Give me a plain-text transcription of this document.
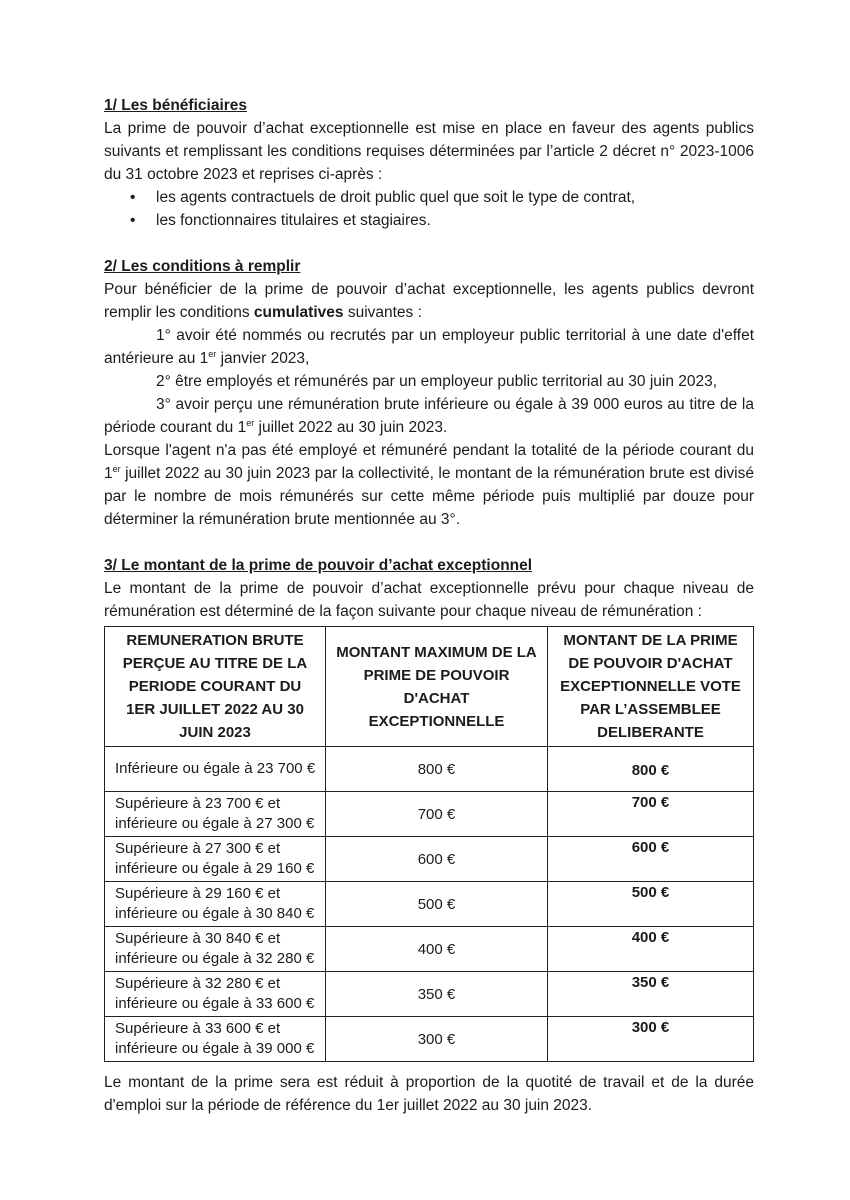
1/ Les bénéficiaires

La prime de pouvoir d’achat exceptionnelle est mise en place en faveur des agents publics suivants et remplissant les conditions requises déterminées par l’article 2 décret n° 2023-1006 du 31 octobre 2023 et reprises ci-après :

• les agents contractuels de droit public quel que soit le type de contrat,
• les fonctionnaires titulaires et stagiaires.
2/ Les conditions à remplir

Pour bénéficier de la prime de pouvoir d’achat exceptionnelle, les agents publics devront remplir les conditions cumulatives suivantes :

1° avoir été nommés ou recrutés par un employeur public territorial à une date d'effet antérieure au 1er janvier 2023,

2° être employés et rémunérés par un employeur public territorial au 30 juin 2023,

3° avoir perçu une rémunération brute inférieure ou égale à 39 000 euros au titre de la période courant du 1er juillet 2022 au 30 juin 2023.

Lorsque l'agent n'a pas été employé et rémunéré pendant la totalité de la période courant du 1er juillet 2022 au 30 juin 2023 par la collectivité, le montant de la rémunération brute est divisé par le nombre de mois rémunérés sur cette même période puis multiplié par douze pour déterminer la rémunération brute mentionnée au 3°.

3/ Le montant de la prime de pouvoir d’achat exceptionnel

Le montant de la prime de pouvoir d’achat exceptionnelle prévu pour chaque niveau de rémunération est déterminé de la façon suivante pour chaque niveau de rémunération :

REMUNERATION BRUTE PERÇUE AU TITRE DE LA PERIODE COURANT DU 1ER JUILLET 2022 AU 30 JUIN 2023	MONTANT MAXIMUM DE LA PRIME DE POUVOIR D'ACHAT EXCEPTIONNELLE	MONTANT DE LA PRIME DE POUVOIR D'ACHAT EXCEPTIONNELLE VOTE PAR L’ASSEMBLEE DELIBERANTE
Inférieure ou égale à 23 700 €	800 €	800 €
Supérieure à 23 700 € et
inférieure ou égale à 27 300 €	700 €	700 €
Supérieure à 27 300 € et
inférieure ou égale à 29 160 €	600 €	600 €
Supérieure à 29 160 € et
inférieure ou égale à 30 840 €	500 €	500 €
Supérieure à 30 840 € et
inférieure ou égale à 32 280 €	400 €	400 €
Supérieure à 32 280 € et
inférieure ou égale à 33 600 €	350 €	350 €
Supérieure à 33 600 € et
inférieure ou égale à 39 000 €	300 €	300 €

Le montant de la prime sera est réduit à proportion de la quotité de travail et de la durée d'emploi sur la période de référence du 1er juillet 2022 au 30 juin 2023.
